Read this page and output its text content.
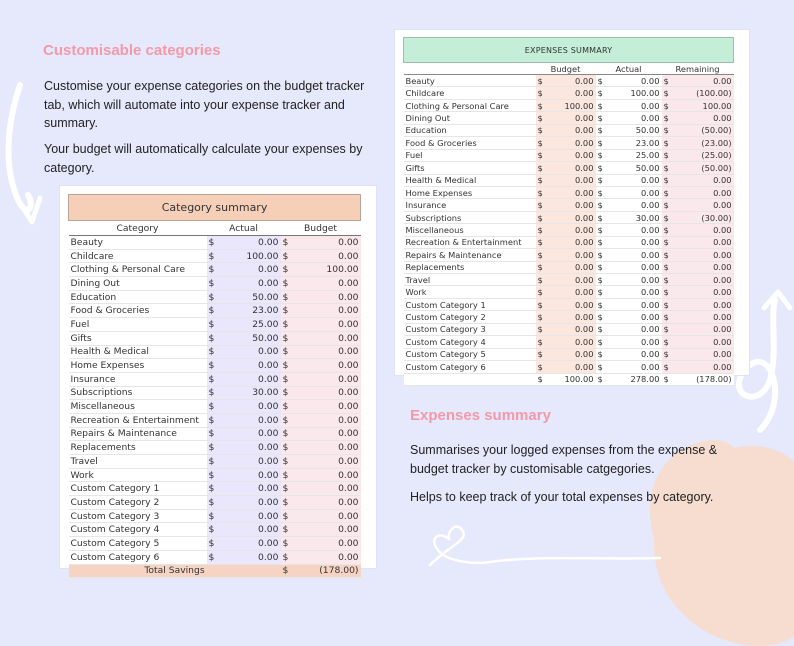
Customisable categories
Customise your expense categories on the budget tracker tab, which will automate into your expense tracker and summary.
Your budget will automatically calculate your expenses by category.
Expenses summary
Summarises your logged expenses from the expense & budget tracker by customisable catgegories.
Helps to keep track of your total expenses by category.
Category summary				
Category	Actual		Budget	
Beauty	$	0.00	$	0.00
Childcare	$	100.00	$	0.00
Clothing & Personal Care	$	0.00	$	100.00
Dining Out	$	0.00	$	0.00
Education	$	50.00	$	0.00
Food & Groceries	$	23.00	$	0.00
Fuel	$	25.00	$	0.00
Gifts	$	50.00	$	0.00
Health & Medical	$	0.00	$	0.00
Home Expenses	$	0.00	$	0.00
Insurance	$	0.00	$	0.00
Subscriptions	$	30.00	$	0.00
Miscellaneous	$	0.00	$	0.00
Recreation & Entertainment	$	0.00	$	0.00
Repairs & Maintenance	$	0.00	$	0.00
Replacements	$	0.00	$	0.00
Travel	$	0.00	$	0.00
Work	$	0.00	$	0.00
Custom Category 1	$	0.00	$	0.00
Custom Category 2	$	0.00	$	0.00
Custom Category 3	$	0.00	$	0.00
Custom Category 4	$	0.00	$	0.00
Custom Category 5	$	0.00	$	0.00
Custom Category 6	$	0.00	$	0.00
Total Savings			$	(178.00)
EXPENSES SUMMARY						
	Budget		Actual		Remaining	
Beauty	$	0.00	$	0.00	$	0.00
Childcare	$	0.00	$	100.00	$	(100.00)
Clothing & Personal Care	$	100.00	$	0.00	$	100.00
Dining Out	$	0.00	$	0.00	$	0.00
Education	$	0.00	$	50.00	$	(50.00)
Food & Groceries	$	0.00	$	23.00	$	(23.00)
Fuel	$	0.00	$	25.00	$	(25.00)
Gifts	$	0.00	$	50.00	$	(50.00)
Health & Medical	$	0.00	$	0.00	$	0.00
Home Expenses	$	0.00	$	0.00	$	0.00
Insurance	$	0.00	$	0.00	$	0.00
Subscriptions	$	0.00	$	30.00	$	(30.00)
Miscellaneous	$	0.00	$	0.00	$	0.00
Recreation & Entertainment	$	0.00	$	0.00	$	0.00
Repairs & Maintenance	$	0.00	$	0.00	$	0.00
Replacements	$	0.00	$	0.00	$	0.00
Travel	$	0.00	$	0.00	$	0.00
Work	$	0.00	$	0.00	$	0.00
Custom Category 1	$	0.00	$	0.00	$	0.00
Custom Category 2	$	0.00	$	0.00	$	0.00
Custom Category 3	$	0.00	$	0.00	$	0.00
Custom Category 4	$	0.00	$	0.00	$	0.00
Custom Category 5	$	0.00	$	0.00	$	0.00
Custom Category 6	$	0.00	$	0.00	$	0.00
	$	100.00	$	278.00	$	(178.00)
